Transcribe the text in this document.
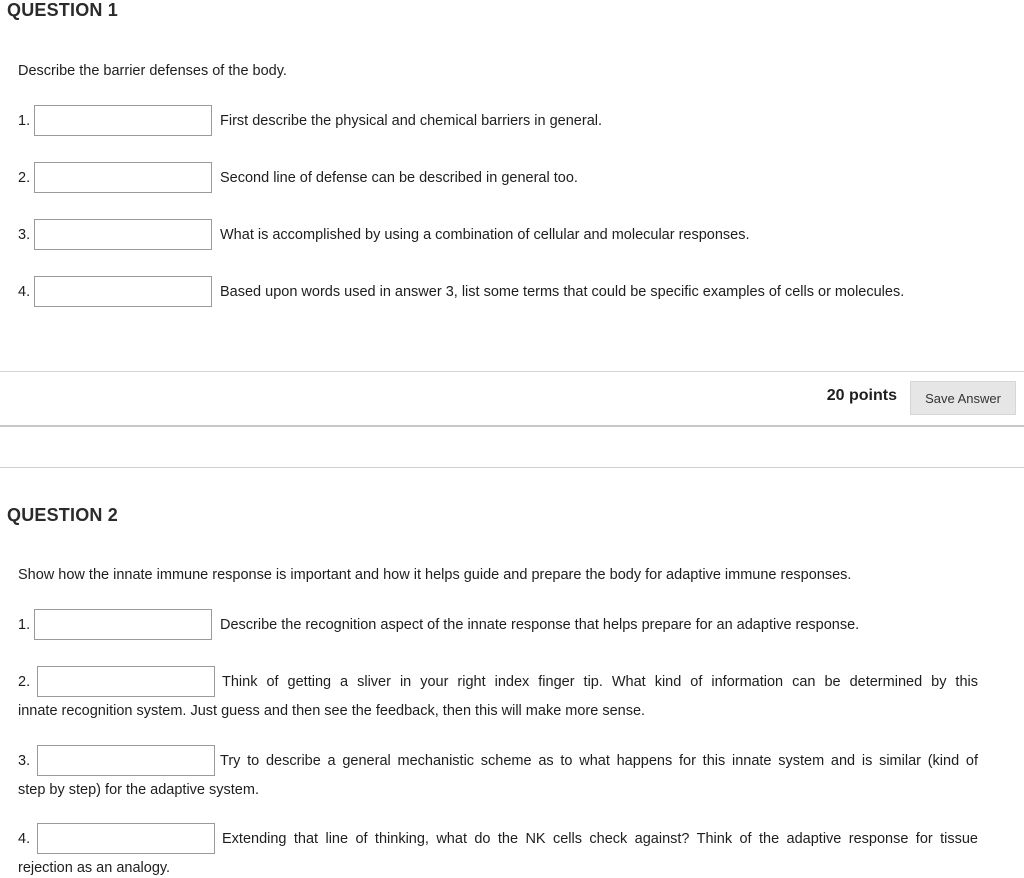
QUESTION 1

Describe the barrier defenses of the body.

1.	First describe the physical and chemical barriers in general.
2.	Second line of defense can be described in general too.
3.	What is accomplished by using a combination of cellular and molecular responses.
4.	Based upon words used in answer 3, list some terms that could be specific examples of cells or molecules.
20 points	Save Answer
QUESTION 2

Show how the innate immune response is important and how it helps guide and prepare the body for adaptive immune responses.

1.	Describe the recognition aspect of the innate response that helps prepare for an adaptive response.
2.	Think of getting a sliver in your right index finger tip. What kind of information can be determined by this
innate recognition system. Just guess and then see the feedback, then this will make more sense.
3.	Try to describe a general mechanistic scheme as to what happens for this innate system and is similar (kind of
step by step) for the adaptive system.
4.	Extending that line of thinking, what do the NK cells check against? Think of the adaptive response for tissue
rejection as an analogy.
